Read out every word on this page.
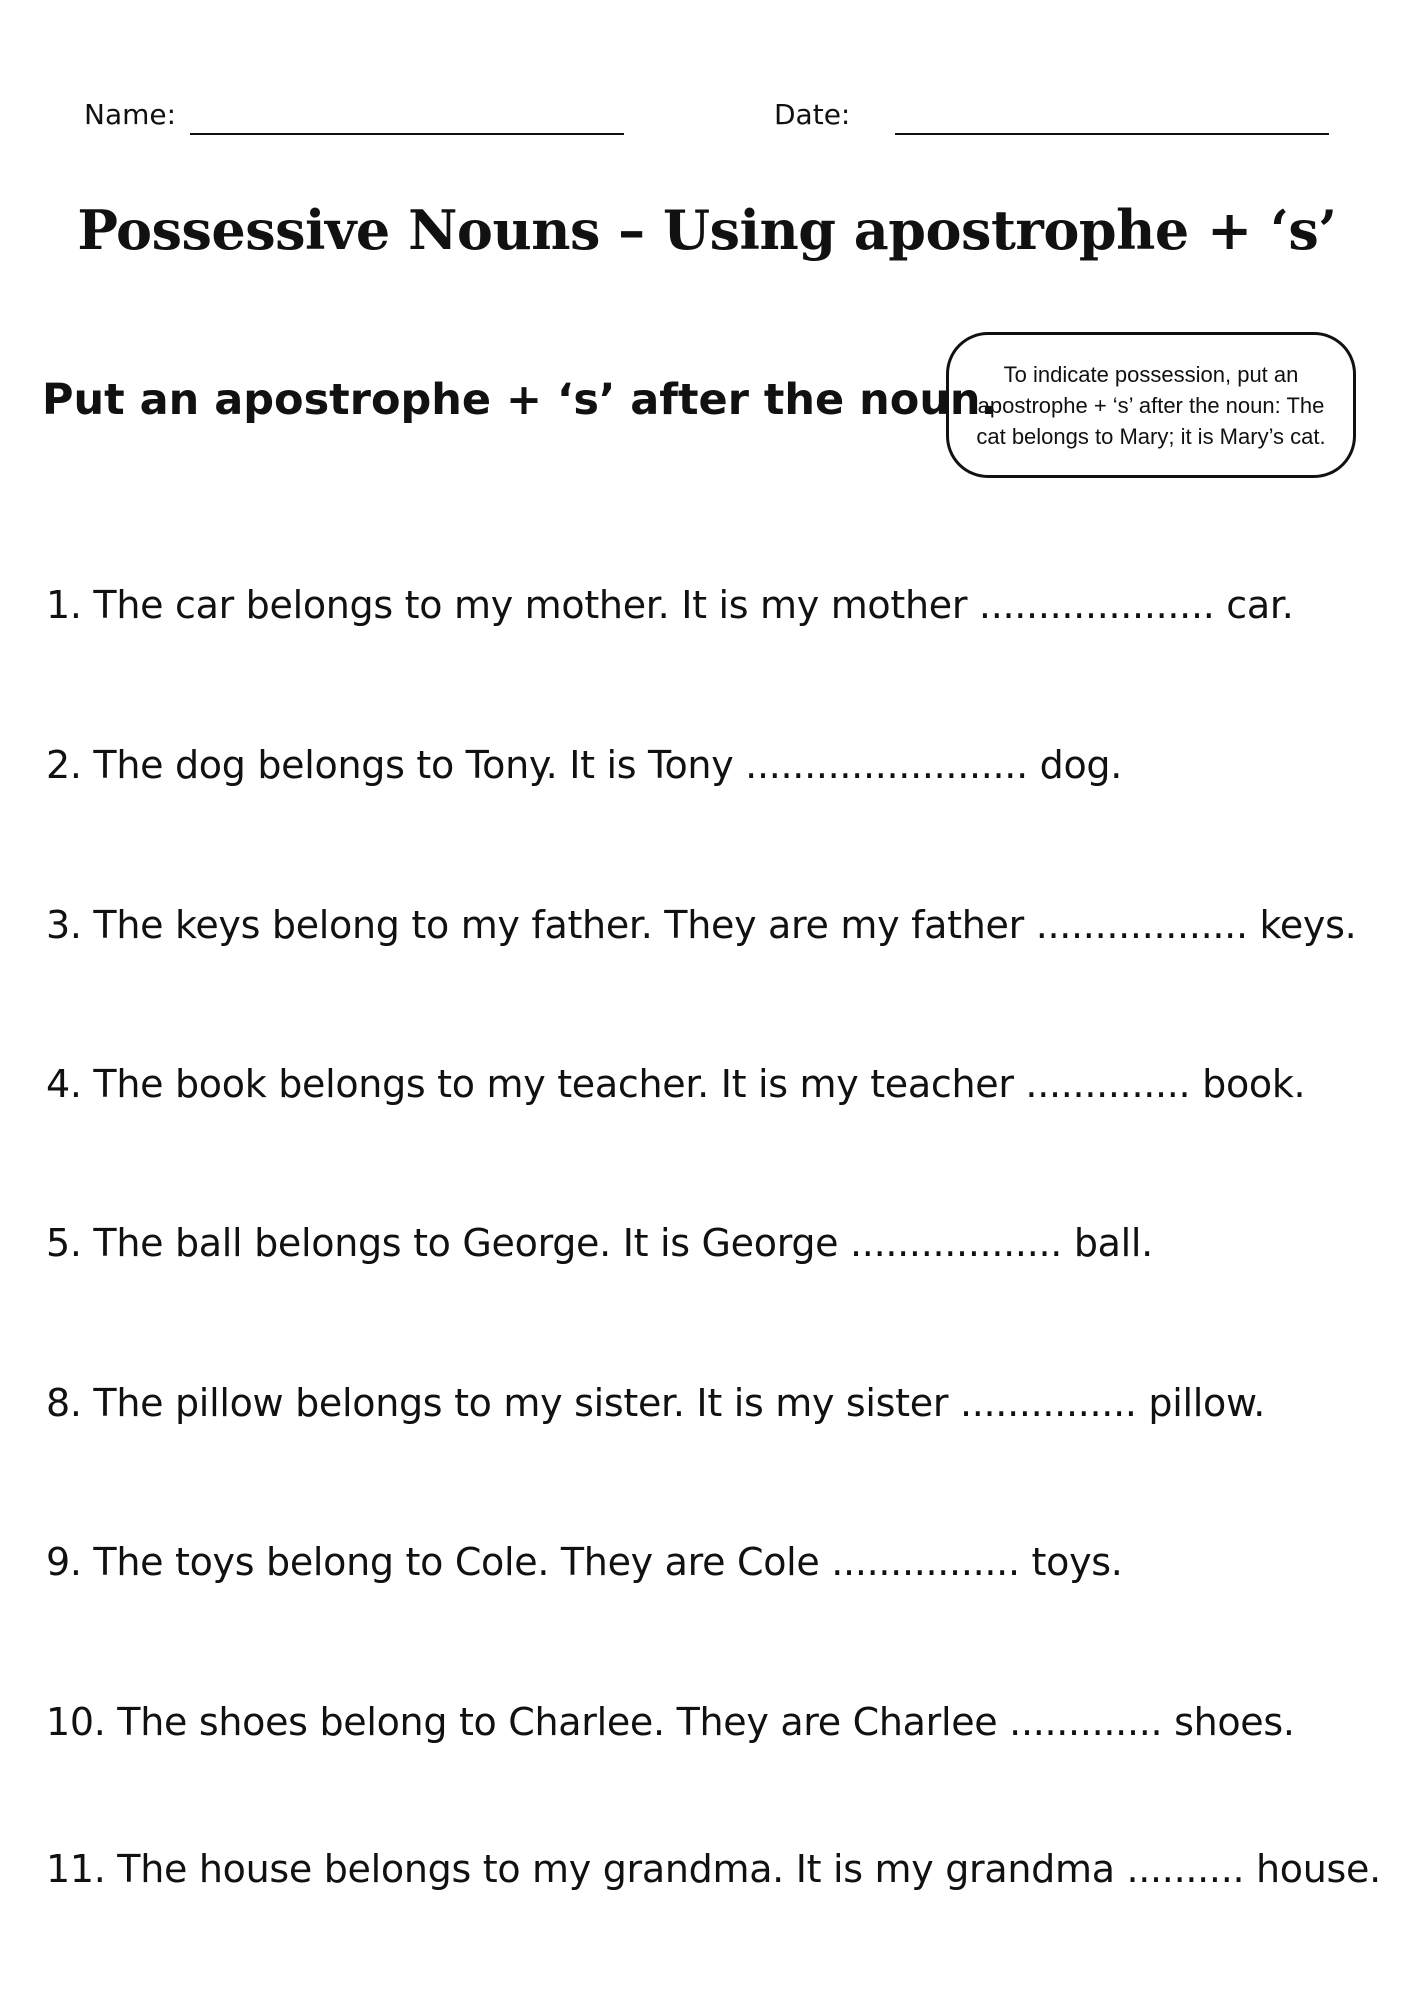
Name:	Date:
Possessive Nouns – Using apostrophe + ‘s’
Put an apostrophe + ‘s’ after the noun.
To indicate possession, put an apostrophe + ‘s’ after the noun: The cat belongs to Mary; it is Mary’s cat.
1. The car belongs to my mother. It is my mother .................... car.
2. The dog belongs to Tony. It is Tony ........................ dog.
3. The keys belong to my father. They are my father .................. keys.
4. The book belongs to my teacher. It is my teacher .............. book.
5. The ball belongs to George. It is George .................. ball.
8. The pillow belongs to my sister. It is my sister ............... pillow.
9. The toys belong to Cole. They are Cole ................ toys.
10. The shoes belong to Charlee. They are Charlee ............. shoes.
11. The house belongs to my grandma. It is my grandma .......... house.
